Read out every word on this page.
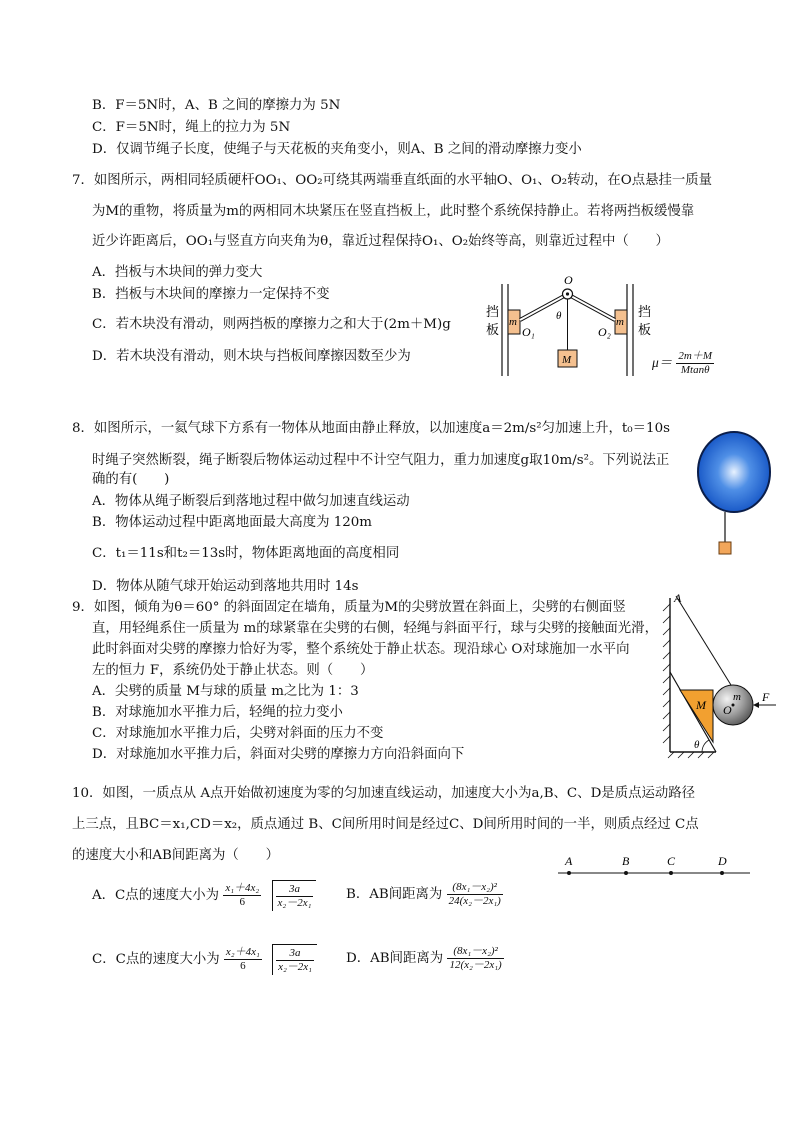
B．F＝5N时，A、B 之间的摩擦力为 5N
C．F＝5N时，绳上的拉力为 5N
D．仅调节绳子长度，使绳子与天花板的夹角变小，则A、B 之间的滑动摩擦力变小
7．如图所示，两相同轻质硬杆OO₁、OO₂可绕其两端垂直纸面的水平轴O、O₁、O₂转动，在O点悬挂一质量
为M的重物，将质量为m的两相同木块紧压在竖直挡板上，此时整个系统保持静止。若将两挡板缓慢靠
近少许距离后，OO₁与竖直方向夹角为θ，靠近过程保持O₁、O₂始终等高，则靠近过程中（　　）
A．挡板与木块间的弹力变大
B．挡板与木块间的摩擦力一定保持不变
C．若木块没有滑动，则两挡板的摩擦力之和大于(2m＋M)g
D．若木块没有滑动，则木块与挡板间摩擦因数至少为	$\mu= \frac{2m+M}{Mtan\theta}$
挡
板
挡
板
m	m
O
θ
M
O₁	O₂
8．如图所示，一氦气球下方系有一物体从地面由静止释放，以加速度a＝2m/s²匀加速上升，t₀＝10s
时绳子突然断裂，绳子断裂后物体运动过程中不计空气阻力，重力加速度g取10m/s²。下列说法正
确的有(　　)
A．物体从绳子断裂后到落地过程中做匀加速直线运动
B．物体运动过程中距离地面最大高度为 120m
C．t₁＝11s和t₂＝13s时，物体距离地面的高度相同
D．物体从随气球开始运动到落地共用时 14s
9．如图，倾角为θ＝60° 的斜面固定在墙角，质量为M的尖劈放置在斜面上，尖劈的右侧面竖
直，用轻绳系住一质量为 m的球紧靠在尖劈的右侧，轻绳与斜面平行，球与尖劈的接触面光滑，
此时斜面对尖劈的摩擦力恰好为零，整个系统处于静止状态。现沿球心 O对球施加一水平向
左的恒力 F，系统仍处于静止状态。则（　　）
A．尖劈的质量 M与球的质量 m之比为 1：3
B．对球施加水平推力后，轻绳的拉力变小
C．对球施加水平推力后，尖劈对斜面的压力不变
D．对球施加水平推力后，斜面对尖劈的摩擦力方向沿斜面向下
θ
A
M
m
O
F
10．如图，一质点从 A点开始做初速度为零的匀加速直线运动，加速度大小为a,B、C、D是质点运动路径
上三点，且BC＝x₁,CD＝x₂，质点通过 B、C间所用时间是经过C、D间所用时间的一半，则质点经过 C点
的速度大小和AB间距离为（　　）	A	B	C	D
A．C点的速度大小为 $\frac{\text{x₁＋4x₂}}{6}$
$\frac{3a}{\text{x₂－2x₁}}$ B．AB间距离为 $\frac{\text{(8x₁－x₂)²}}{\text{24(x₂－2x₁)}}$
C．C点的速度大小为 $\frac{\text{x₂＋4x₁}}{6}$
$\frac{3a}{\text{x₂－2x₁}}$ D．AB间距离为 $\frac{\text{(8x₁－x₂)²}}{\text{12(x₂－2x₁)}}$
